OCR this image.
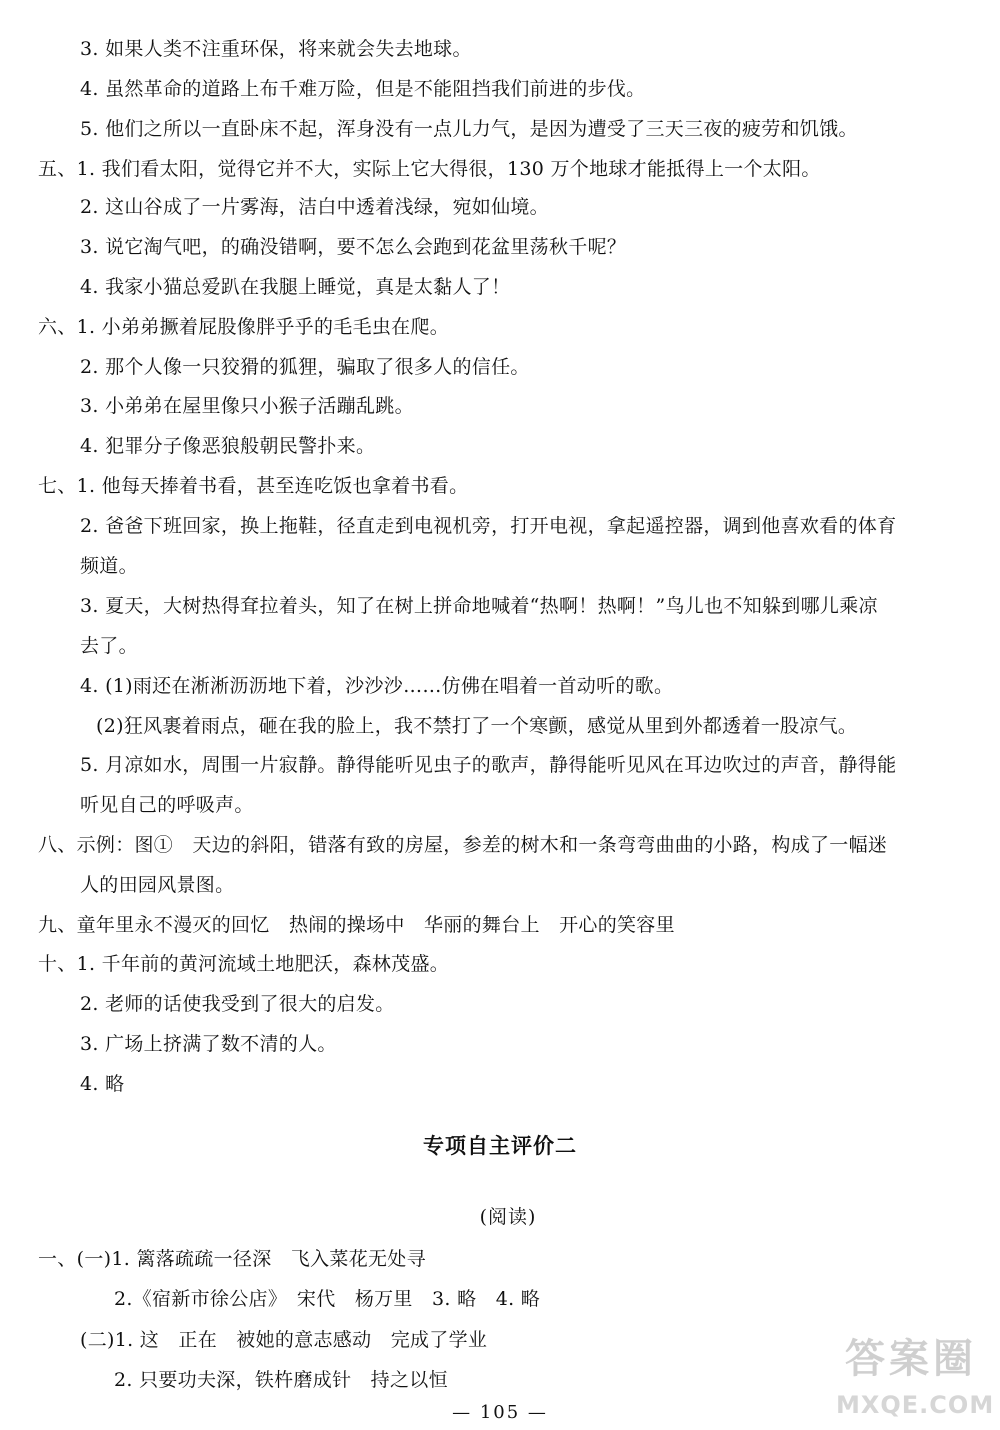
3. 如果人类不注重环保，将来就会失去地球。
4. 虽然革命的道路上布千难万险，但是不能阻挡我们前进的步伐。
5. 他们之所以一直卧床不起，浑身没有一点儿力气，是因为遭受了三天三夜的疲劳和饥饿。
五、1. 我们看太阳，觉得它并不大，实际上它大得很，130 万个地球才能抵得上一个太阳。
2. 这山谷成了一片雾海，洁白中透着浅绿，宛如仙境。
3. 说它淘气吧，的确没错啊，要不怎么会跑到花盆里荡秋千呢？
4. 我家小猫总爱趴在我腿上睡觉，真是太黏人了！
六、1. 小弟弟撅着屁股像胖乎乎的毛毛虫在爬。
2. 那个人像一只狡猾的狐狸，骗取了很多人的信任。
3. 小弟弟在屋里像只小猴子活蹦乱跳。
4. 犯罪分子像恶狼般朝民警扑来。
七、1. 他每天捧着书看，甚至连吃饭也拿着书看。
2. 爸爸下班回家，换上拖鞋，径直走到电视机旁，打开电视，拿起遥控器，调到他喜欢看的体育
频道。
3. 夏天，大树热得耷拉着头，知了在树上拼命地喊着“热啊！热啊！”鸟儿也不知躲到哪儿乘凉
去了。
4. (1)雨还在淅淅沥沥地下着，沙沙沙……仿佛在唱着一首动听的歌。
(2)狂风裹着雨点，砸在我的脸上，我不禁打了一个寒颤，感觉从里到外都透着一股凉气。
5. 月凉如水，周围一片寂静。静得能听见虫子的歌声，静得能听见风在耳边吹过的声音，静得能
听见自己的呼吸声。
八、示例：图①　天边的斜阳，错落有致的房屋，参差的树木和一条弯弯曲曲的小路，构成了一幅迷
人的田园风景图。
九、童年里永不漫灭的回忆　热闹的操场中　华丽的舞台上　开心的笑容里
十、1. 千年前的黄河流域土地肥沃，森林茂盛。
2. 老师的话使我受到了很大的启发。
3. 广场上挤满了数不清的人。
4. 略
专项自主评价二
(阅读)
一、(一)1. 篱落疏疏一径深　飞入菜花无处寻
2.《宿新市徐公店》　宋代　杨万里　3. 略　4. 略
(二)1. 这　正在　被她的意志感动　完成了学业
2. 只要功夫深，铁杵磨成针　持之以恒
— 105 —
答案圈
MXQE.COM
